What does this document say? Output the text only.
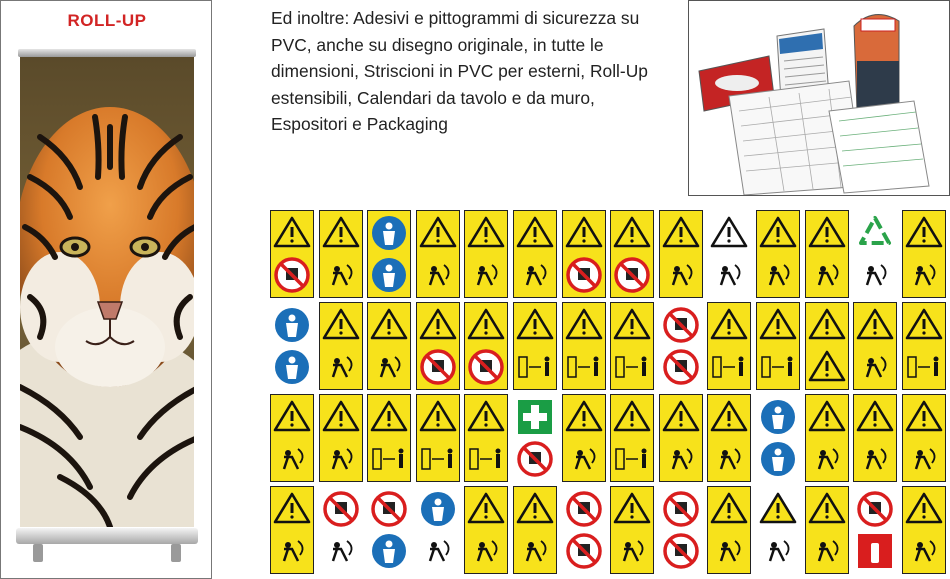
ROLL-UP	Ed inoltre: Adesivi e pittogrammi di sicurezza su PVC, anche su disegno originale, in tutte le dimensioni, Striscioni in PVC per esterni, Roll-Up estensibili, Calendari da tavolo e da muro, Espositori e Packaging
